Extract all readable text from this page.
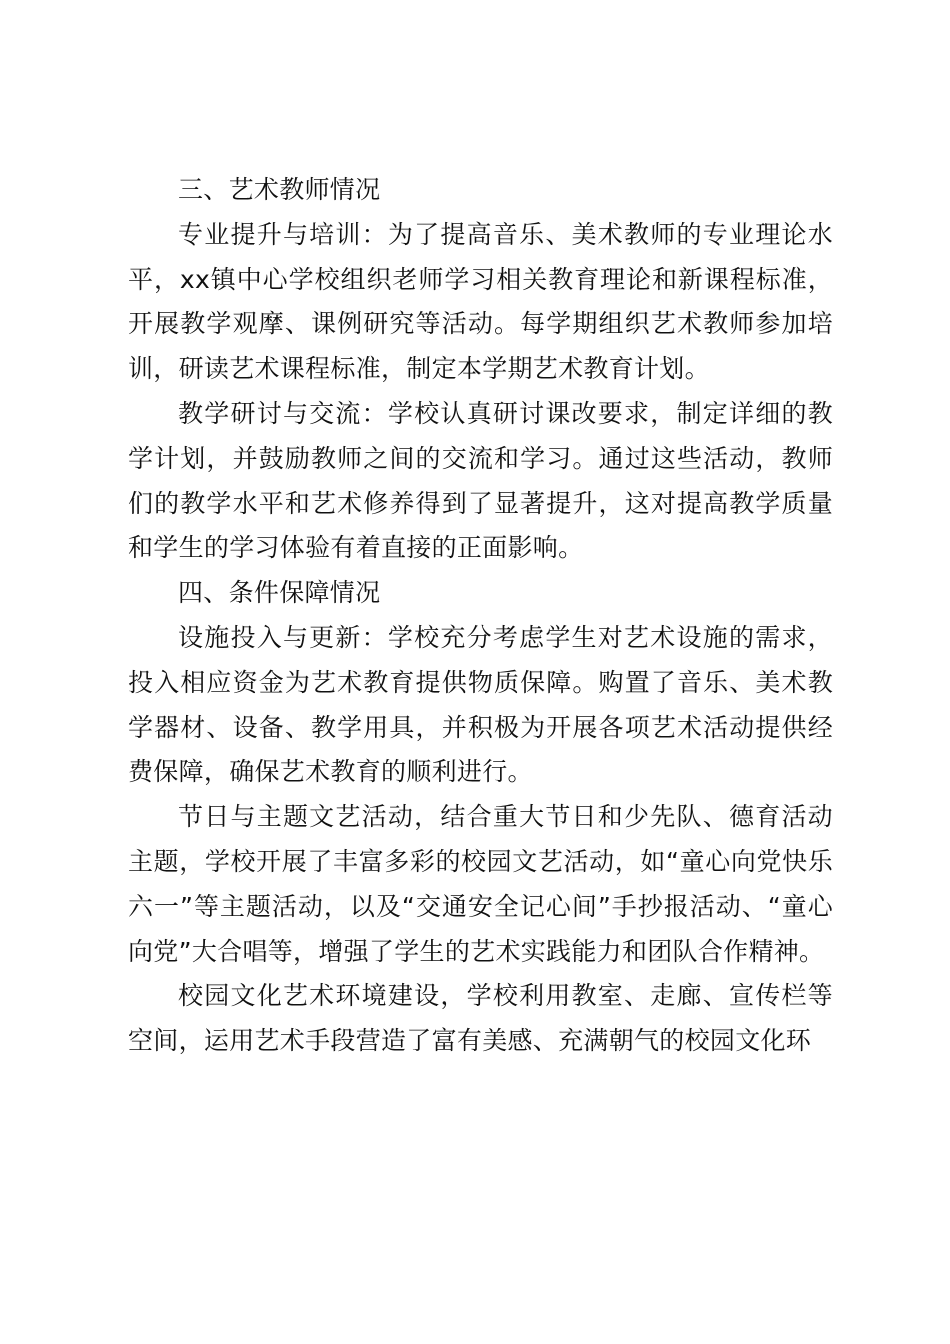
三、艺术教师情况

专业提升与培训：为了提高音乐、美术教师的专业理论水平，xx镇中心学校组织老师学习相关教育理论和新课程标准，开展教学观摩、课例研究等活动。每学期组织艺术教师参加培训，研读艺术课程标准，制定本学期艺术教育计划。

教学研讨与交流：学校认真研讨课改要求，制定详细的教学计划，并鼓励教师之间的交流和学习。通过这些活动，教师们的教学水平和艺术修养得到了显著提升，这对提高教学质量和学生的学习体验有着直接的正面影响。

四、条件保障情况

设施投入与更新：学校充分考虑学生对艺术设施的需求，投入相应资金为艺术教育提供物质保障。购置了音乐、美术教学器材、设备、教学用具，并积极为开展各项艺术活动提供经费保障，确保艺术教育的顺利进行。

节日与主题文艺活动，结合重大节日和少先队、德育活动主题，学校开展了丰富多彩的校园文艺活动，如“童心向党快乐六一”等主题活动，以及“交通安全记心间”手抄报活动、“童心向党”大合唱等，增强了学生的艺术实践能力和团队合作精神。

校园文化艺术环境建设，学校利用教室、走廊、宣传栏等空间，运用艺术手段营造了富有美感、充满朝气的校园文化环
